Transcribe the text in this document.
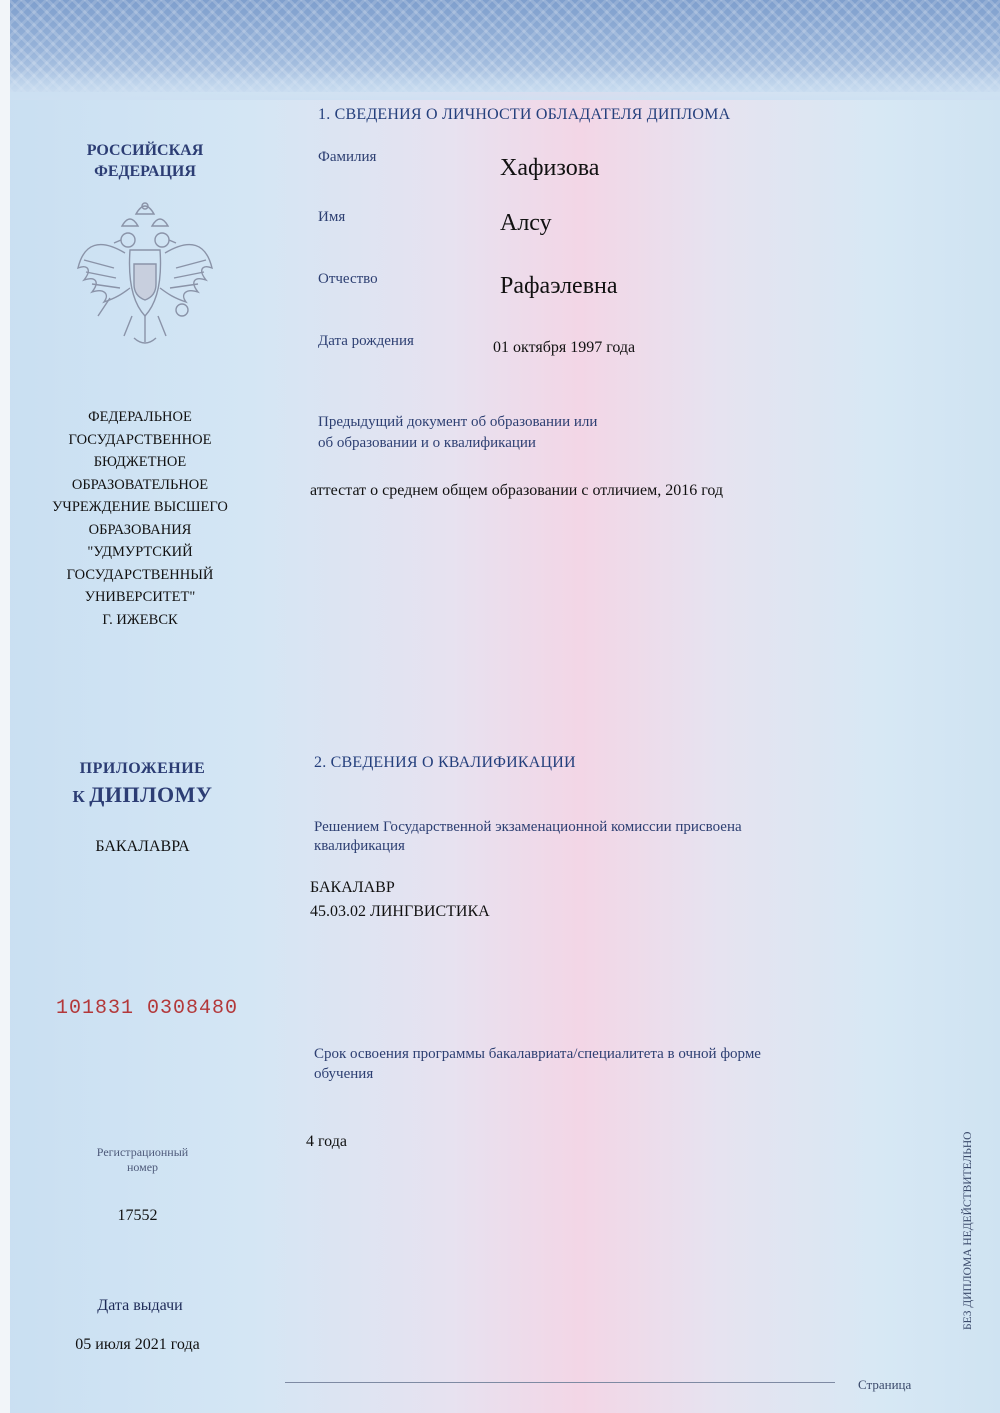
РОССИЙСКАЯ
ФЕДЕРАЦИЯ
ФЕДЕРАЛЬНОЕ
ГОСУДАРСТВЕННОЕ
БЮДЖЕТНОЕ
ОБРАЗОВАТЕЛЬНОЕ
УЧРЕЖДЕНИЕ ВЫСШЕГО
ОБРАЗОВАНИЯ
"УДМУРТСКИЙ
ГОСУДАРСТВЕННЫЙ
УНИВЕРСИТЕТ"
Г. ИЖЕВСК
ПРИЛОЖЕНИЕ
К ДИПЛОМУ
БАКАЛАВРА
101831 0308480
Регистрационный
номер
17552
Дата выдачи
05 июля 2021 года
1. СВЕДЕНИЯ О ЛИЧНОСТИ ОБЛАДАТЕЛЯ ДИПЛОМА
Фамилия	Хафизова
Имя	Алсу
Отчество	Рафаэлевна
Дата рождения	01 октября 1997 года
Предыдущий документ об образовании или
об образовании и о квалификации
аттестат о среднем общем образовании с отличием, 2016 год
2. СВЕДЕНИЯ О КВАЛИФИКАЦИИ
Решением Государственной экзаменационной комиссии присвоена
квалификация
БАКАЛАВР
45.03.02 ЛИНГВИСТИКА
Срок освоения программы бакалавриата/специалитета в очной форме
обучения
4 года
Страница
БЕЗ ДИПЛОМА НЕДЕЙСТВИТЕЛЬНО
